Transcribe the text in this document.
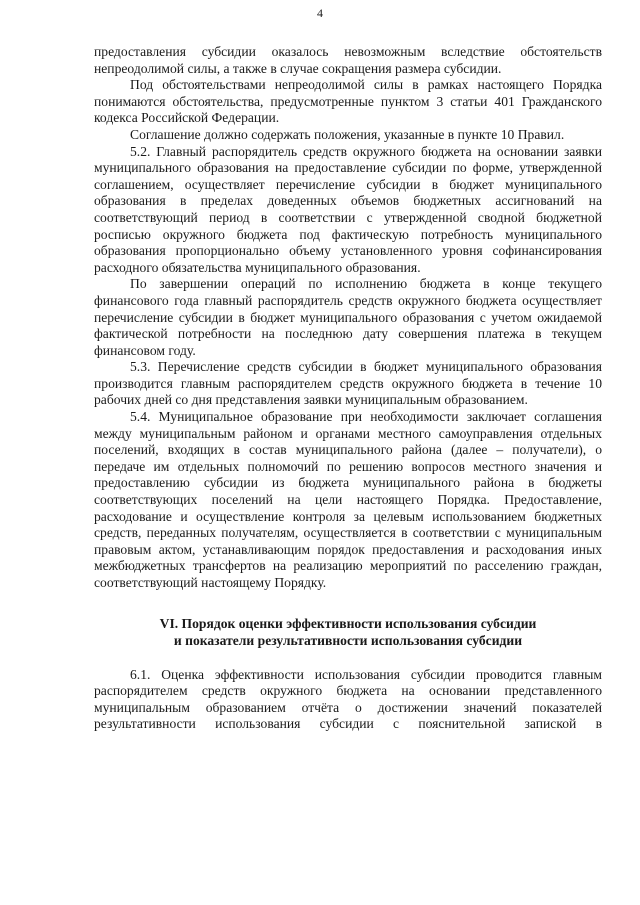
4

предоставления субсидии оказалось невозможным вследствие обстоятельств непреодолимой силы, а также в случае сокращения размера субсидии.

Под обстоятельствами непреодолимой силы в рамках настоящего Порядка понимаются обстоятельства, предусмотренные пунктом 3 статьи 401 Гражданского кодекса Российской Федерации.

Соглашение должно содержать положения, указанные в пункте 10 Правил.

5.2. Главный распорядитель средств окружного бюджета на основании заявки муниципального образования на предоставление субсидии по форме, утвержденной соглашением, осуществляет перечисление субсидии в бюджет муниципального образования в пределах доведенных объемов бюджетных ассигнований на соответствующий период в соответствии с утвержденной сводной бюджетной росписью окружного бюджета под фактическую потребность муниципального образования пропорционально объему установленного уровня софинансирования расходного обязательства муниципального образования.

По завершении операций по исполнению бюджета в конце текущего финансового года главный распорядитель средств окружного бюджета осуществляет перечисление субсидии в бюджет муниципального образования с учетом ожидаемой фактической потребности на последнюю дату совершения платежа в текущем финансовом году.

5.3. Перечисление средств субсидии в бюджет муниципального образования производится главным распорядителем средств окружного бюджета в течение 10 рабочих дней со дня представления заявки муниципальным образованием.

5.4. Муниципальное образование при необходимости заключает соглашения между муниципальным районом и органами местного самоуправления отдельных поселений, входящих в состав муниципального района (далее – получатели), о передаче им отдельных полномочий по решению вопросов местного значения и предоставлению субсидии из бюджета муниципального района в бюджеты соответствующих поселений на цели настоящего Порядка. Предоставление, расходование и осуществление контроля за целевым использованием бюджетных средств, переданных получателям, осуществляется в соответствии с муниципальным правовым актом, устанавливающим порядок предоставления и расходования иных межбюджетных трансфертов на реализацию мероприятий по расселению граждан, соответствующий настоящему Порядку.

VI. Порядок оценки эффективности использования субсидии
и показатели результативности использования субсидии

6.1. Оценка эффективности использования субсидии проводится главным распорядителем средств окружного бюджета на основании представленного муниципальным образованием отчёта о достижении значений показателей результативности использования субсидии с пояснительной запиской в
